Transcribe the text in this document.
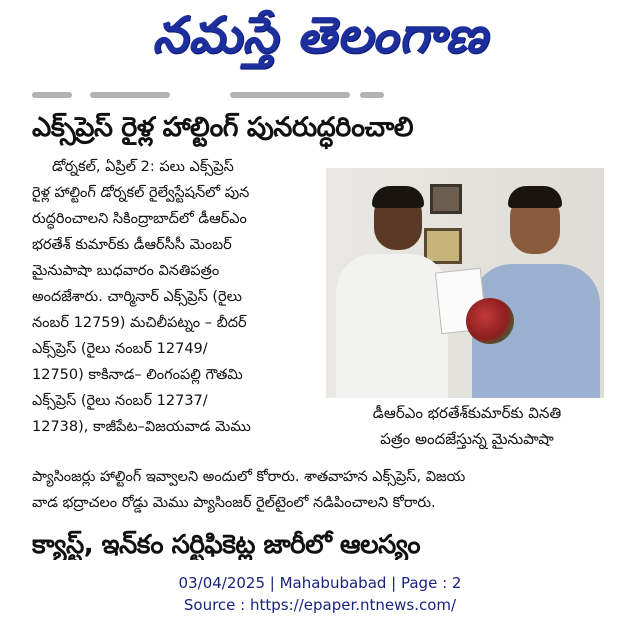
నమస్తే తెలంగాణ
ఎక్స్‌ప్రెస్ రైళ్ల హాల్టింగ్ పునరుద్ధరించాలి

డోర్నకల్, ఏప్రిల్ 2: పలు ఎక్స్‌ప్రెస్

రైళ్ల హాల్టింగ్ డోర్నకల్ రైల్వేస్టేషన్‌లో పున

రుద్ధరించాలని సికింద్రాబాద్‌లో డీఆర్‌ఎం

భరతేశ్ కుమార్‌కు డీఆర్‌సీసీ మెంబర్

మైనుపాషా బుధవారం వినతిపత్రం

అందజేశారు. చార్మినార్ ఎక్స్‌ప్రెస్ (రైలు

నంబర్ 12759) మచిలీపట్నం – బీదర్

ఎక్స్‌ప్రెస్ (రైలు నంబర్ 12749/

12750) కాకినాడ– లింగంపల్లి గౌతమి

ఎక్స్‌ప్రెస్ (రైలు నంబర్ 12737/

12738), కాజీపేట–విజయవాడ మెము

డీఆర్‌ఎం భరతేశ్‌కుమార్‌కు వినతి
పత్రం అందజేస్తున్న మైనుపాషా

ప్యాసింజర్లు హాల్టింగ్ ఇవ్వాలని అందులో కోరారు. శాతవాహన ఎక్స్‌ప్రెస్, విజయ

వాడ భద్రాచలం రోడ్డు మెము ప్యాసింజర్ రైల్‌టైంలో నడిపించాలని కోరారు.

క్యాస్ట్, ఇన్‌కం సర్టిఫికెట్ల జారీలో ఆలస్యం
03/04/2025 | Mahabubabad | Page : 2
Source : https://epaper.ntnews.com/
